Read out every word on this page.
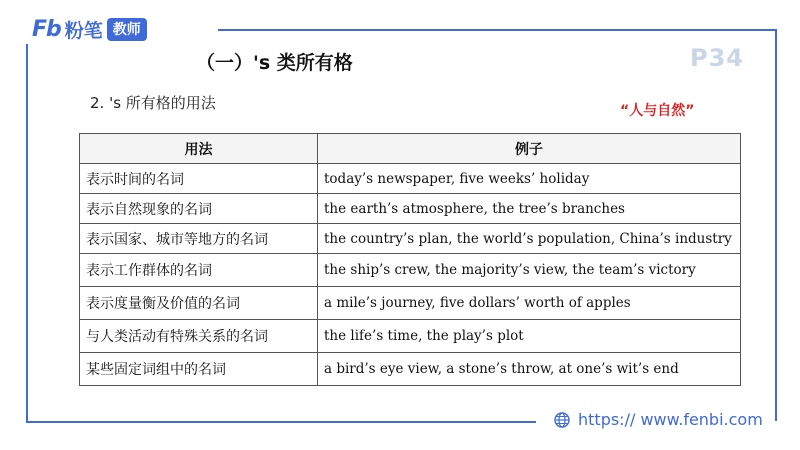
Fb 粉笔 教师
P34
（一）'s 类所有格
2. 's 所有格的用法	“人与自然”
用法	例子
表示时间的名词	today’s newspaper, five weeks’ holiday
表示自然现象的名词	the earth’s atmosphere, the tree’s branches
表示国家、城市等地方的名词	the country’s plan, the world’s population, China’s industry
表示工作群体的名词	the ship’s crew, the majority’s view, the team’s victory
表示度量衡及价值的名词	a mile’s journey, five dollars’ worth of apples
与人类活动有特殊关系的名词	the life’s time, the play’s plot
某些固定词组中的名词	a bird’s eye view, a stone’s throw, at one’s wit’s end
https:// www.fenbi.com
